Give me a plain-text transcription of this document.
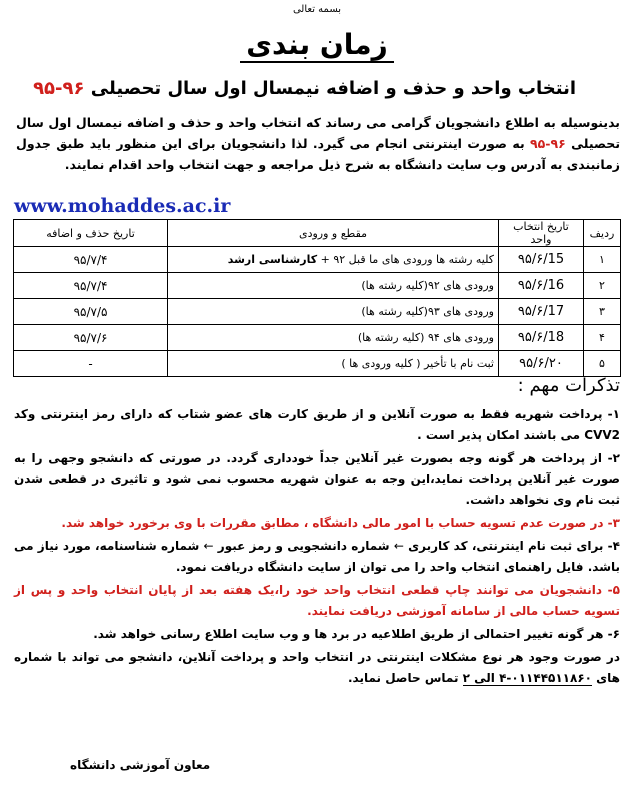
بسمه تعالی
زمان بندی
انتخاب واحد و حذف و اضافه نیمسال اول سال تحصیلی ۹۶-۹۵
بدینوسیله به اطلاع دانشجویان گرامی می رساند که انتخاب واحد و حذف و اضافه نیمسال اول سال تحصیلی ۹۶-۹۵ به صورت اینترنتی انجام می گیرد. لذا دانشجویان برای این منظور باید طبق جدول زمانبندی به آدرس وب سایت دانشگاه به شرح ذیل مراجعه و جهت انتخاب واحد اقدام نمایند.
www.mohaddes.ac.ir
ردیف	تاریخ انتخاب واحد	مقطع و ورودی	تاریخ حذف و اضافه
۱	۹۵/۶/15	کلیه رشته ها ورودی های ما قبل ۹۲ + کارشناسی ارشد	۹۵/۷/۴
۲	۹۵/۶/16	ورودی های ۹۲(کلیه رشته ها)	۹۵/۷/۴
۳	۹۵/۶/17	ورودی های ۹۳(کلیه رشته ها)	۹۵/۷/۵
۴	۹۵/۶/18	ورودی های ۹۴ (کلیه رشته ها)	۹۵/۷/۶
۵	۹۵/۶/۲۰	ثبت نام با تأخیر ( کلیه ورودی ها )	-
تذکرات مهم :

۱- پرداخت شهریه فقط به صورت آنلاین و از طریق کارت های عضو شتاب که دارای رمز اینترنتی وکد CVV2 می باشند امکان پذیر است .

۲- از پرداخت هر گونه وجه بصورت غیر آنلاین جداً خودداری گردد. در صورتی که دانشجو وجهی را به صورت غیر آنلاین پرداخت نماید،این وجه به عنوان شهریه محسوب نمی شود و تاثیری در قطعی شدن ثبت نام وی نخواهد داشت.

۳- در صورت عدم تسویه حساب با امور مالی دانشگاه ، مطابق مقررات با وی برخورد خواهد شد.

۴- برای ثبت نام اینترنتی، کد کاربری ← شماره دانشجویی و رمز عبور ← شماره شناسنامه، مورد نیاز می باشد. فایل راهنمای انتخاب واحد را می توان از سایت دانشگاه دریافت نمود.

۵- دانشجویان می توانند چاپ قطعی انتخاب واحد خود را،یک هفته بعد از پایان انتخاب واحد و پس از تسویه حساب مالی از سامانه آموزشی دریافت نمایند.

۶- هر گونه تغییر احتمالی از طریق اطلاعیه در برد ها و وب سایت اطلاع رسانی خواهد شد.

در صورت وجود هر نوع مشکلات اینترنتی در انتخاب واحد و پرداخت آنلاین، دانشجو می تواند با شماره های ۰۱۱۴۴۵۱۱۸۶۰-۴ الی ۲ تماس حاصل نماید.

معاون آموزشی دانشگاه
